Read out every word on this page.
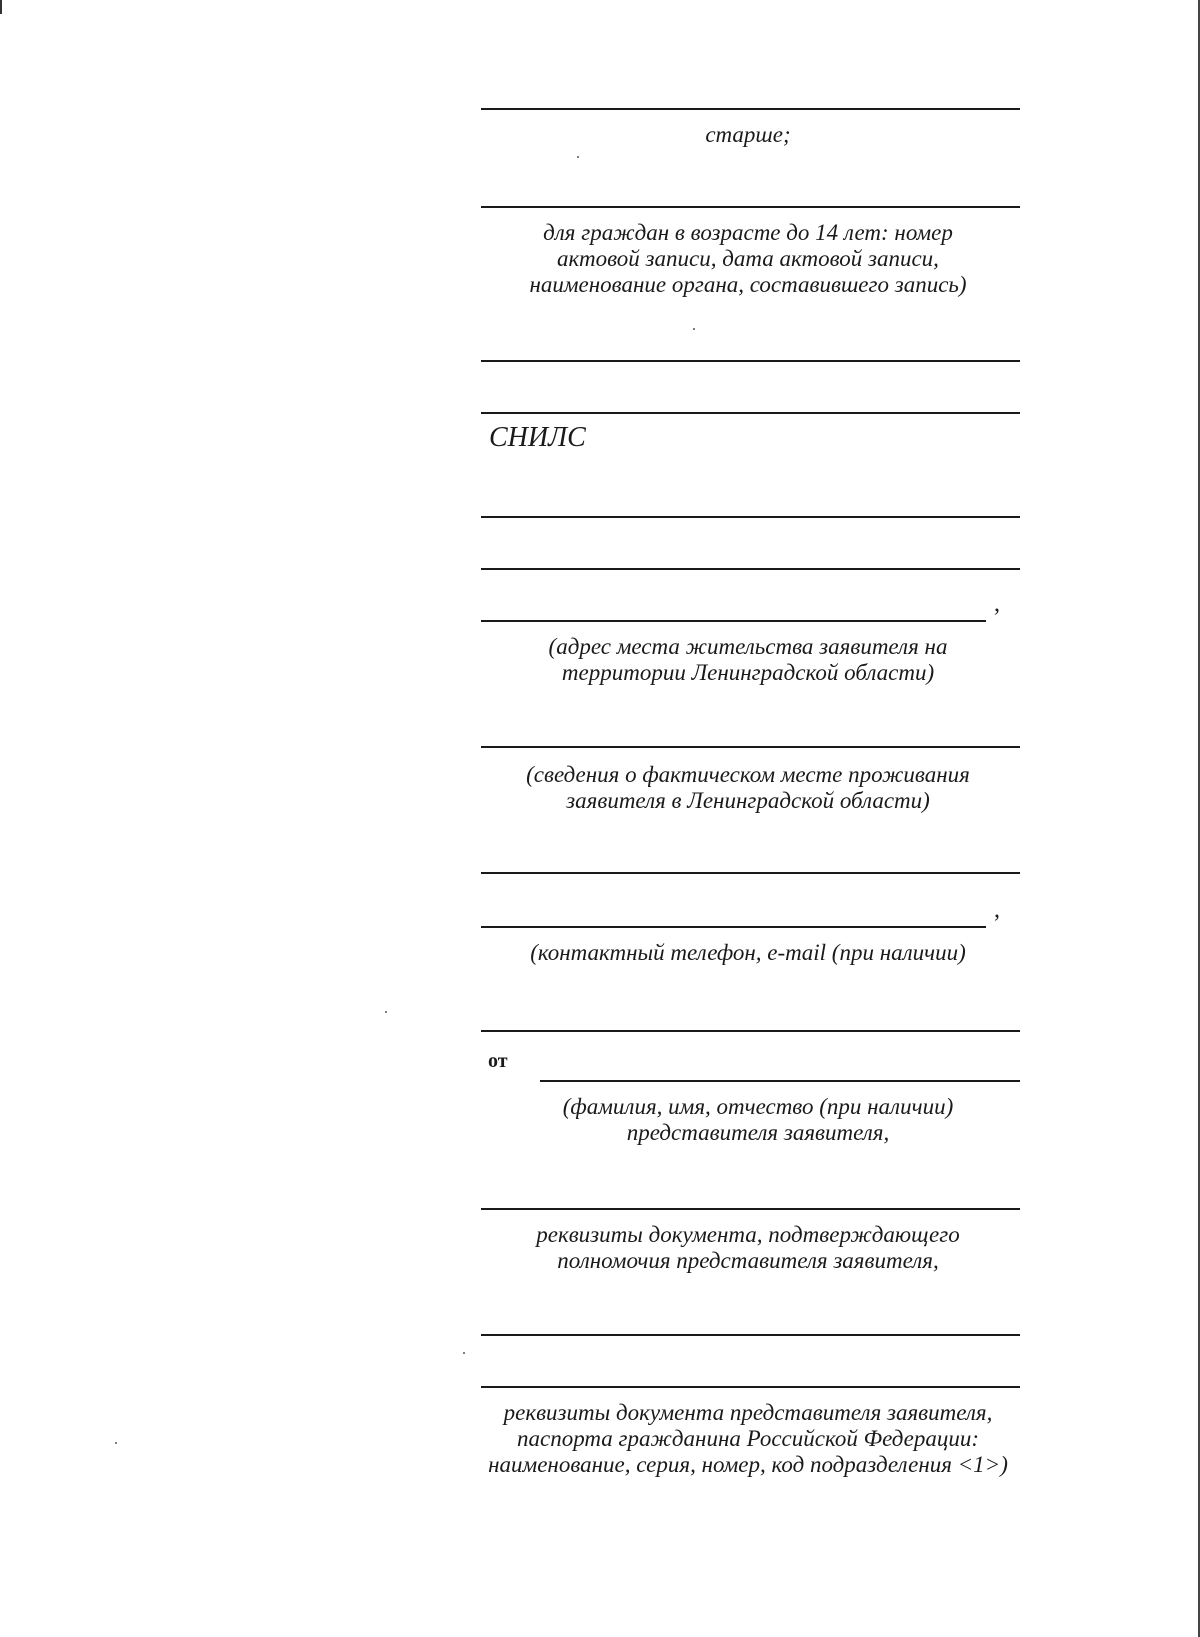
старше;
для граждан в возрасте до 14 лет: номер актовой записи, дата актовой записи, наименование органа, составившего запись)
СНИЛС
,
(адрес места жительства заявителя на территории Ленинградской области)
(сведения о фактическом месте проживания заявителя в Ленинградской области)
,
(контактный телефон, e-mail (при наличии)
от
(фамилия, имя, отчество (при наличии) представителя заявителя,
реквизиты документа, подтверждающего полномочия представителя заявителя,
реквизиты документа представителя заявителя, паспорта гражданина Российской Федерации: наименование, серия, номер, код подразделения <1>)
